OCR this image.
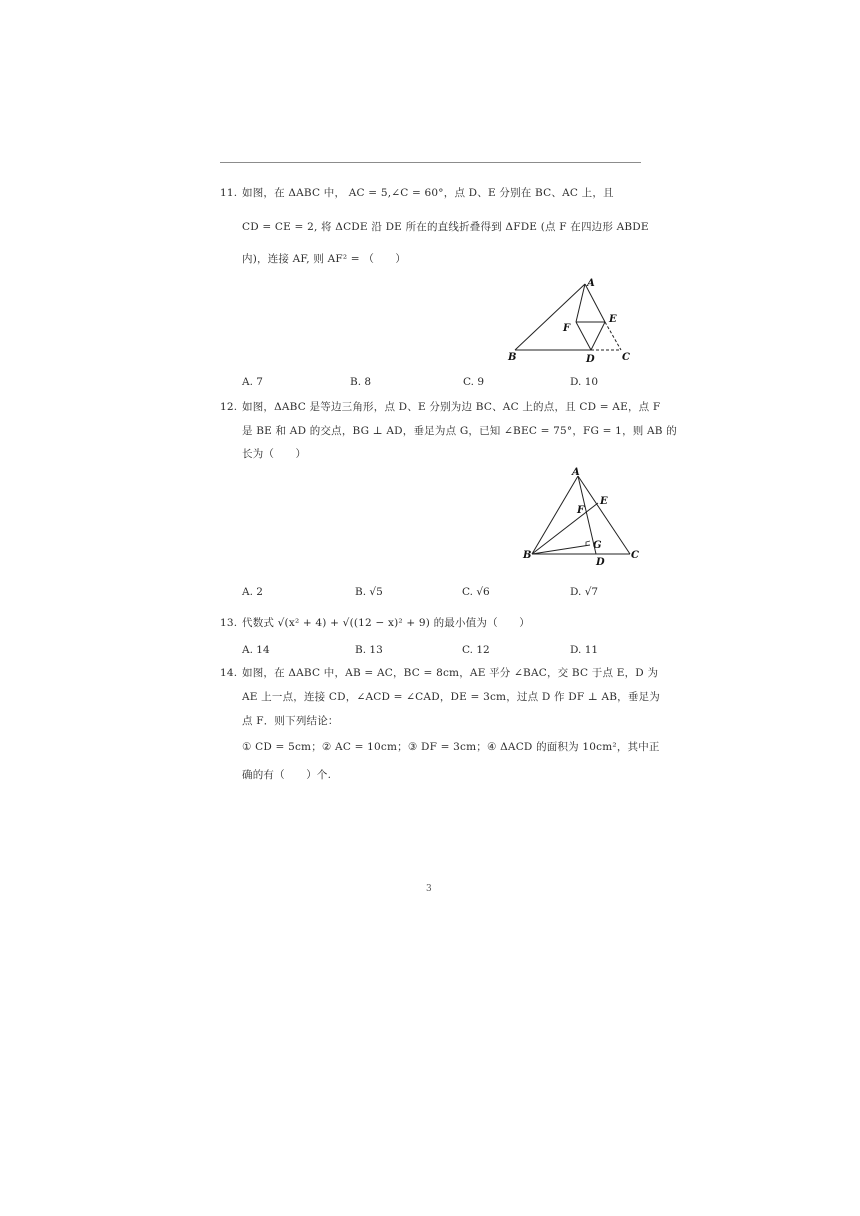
11. 如图，在 ΔABC 中， AC = 5,∠C = 60°，点 D、E 分别在 BC、AC 上，且
CD = CE = 2, 将 ΔCDE 沿 DE 所在的直线折叠得到 ΔFDE (点 F 在四边形 ABDE
内)，连接 AF, 则 AF² = （　　）
A
B	C
D
E
F
A. 7	B. 8	C. 9	D. 10
12. 如图，ΔABC 是等边三角形，点 D、E 分别为边 BC、AC 上的点，且 CD = AE，点 F
是 BE 和 AD 的交点，BG ⊥ AD，垂足为点 G，已知 ∠BEC = 75°，FG = 1，则 AB 的
长为（　　）
A
B	C
D
E
F
G
A. 2	B. √5	C. √6	D. √7
13. 代数式 √(x² + 4) + √((12 − x)² + 9) 的最小值为（　　）
A. 14	B. 13	C. 12	D. 11
14. 如图，在 ΔABC 中，AB = AC，BC = 8cm，AE 平分 ∠BAC，交 BC 于点 E，D 为
AE 上一点，连接 CD，∠ACD = ∠CAD，DE = 3cm，过点 D 作 DF ⊥ AB，垂足为
点 F．则下列结论：
① CD = 5cm；② AC = 10cm；③ DF = 3cm；④ ΔACD 的面积为 10cm²，其中正
确的有（　　）个.
3
